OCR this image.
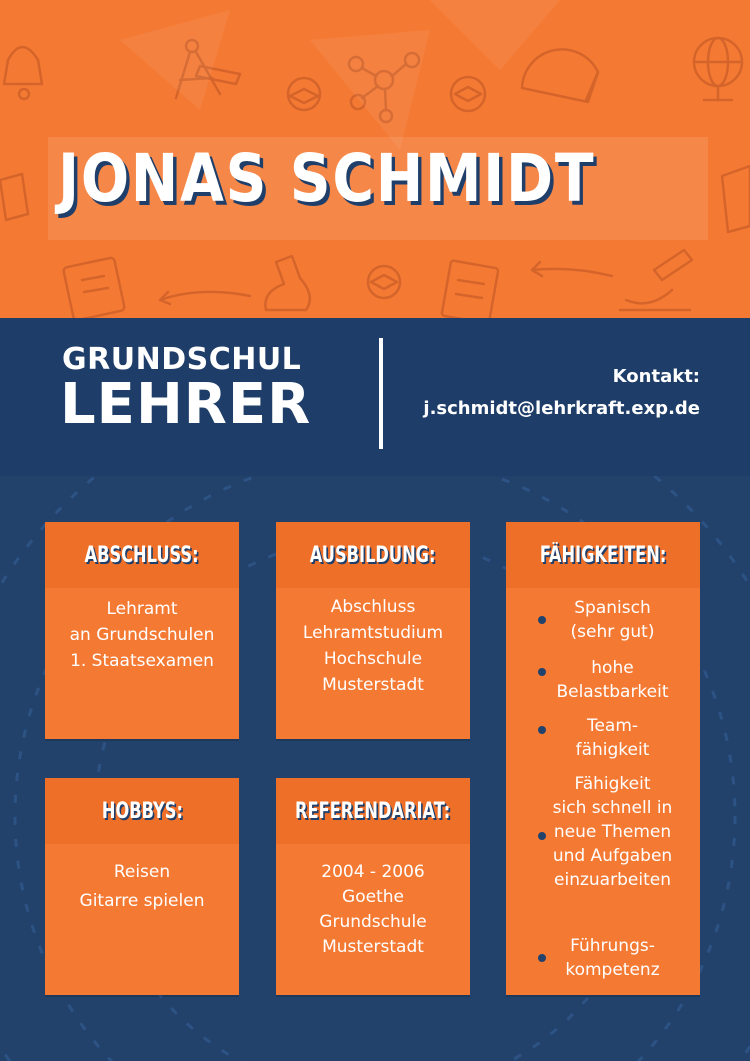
JONAS SCHMIDT
GRUNDSCHUL
LEHRER	Kontakt:
j.schmidt@lehrkraft.exp.de
ABSCHLUSS:
Lehramt
an Grundschulen
1. Staatsexamen
AUSBILDUNG:
Abschluss
Lehramtstudium
Hochschule
Musterstadt
FÄHIGKEITEN:
Spanisch
(sehr gut)
hohe
Belastbarkeit
Team-
fähigkeit
Fähigkeit
sich schnell in
neue Themen
und Aufgaben
einzuarbeiten
Führungs-
kompetenz
HOBBYS:
Reisen
Gitarre spielen
REFERENDARIAT:
2004 - 2006
Goethe
Grundschule
Musterstadt
